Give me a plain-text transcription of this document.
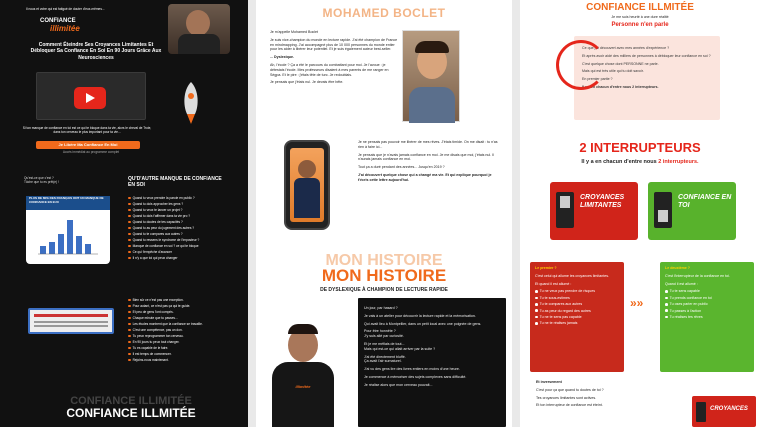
Il nous et votre qui est fatigué de douter d'eux-mêmes...
CONFIANCE
illimitée
Comment Éteindre Ses Croyances Limitantes Et Débloquer Sa Confiance En Soi En 90 Jours Grâce Aux Neurosciences
Si ton manque de confiance en toi est ce qui te bloque dans ta vie, alors le cheval de Troie, dans ton cerveau le plus important pour ta vie...
Je Libère Ma Confiance En Moi
Accès immédiat au programme complet
Qu'est-ce que c'est ?
Tâche que tu es prêt(e) !
QU'D'AUTRE MANQUE DE CONFIANCE EN SOI
PLUS DE 80% DES FRANÇAIS ONT UN MANQUE DE CONFIANCE EN EUX
Quand tu veux prendre la parole en public ?
Quand tu dois approcher les gens ?
Quand tu veux te lancer un projet ?
Quand tu dois t'affirmer dans ta vie pro ?
Quand tu doutes de tes capacités ?
Quand tu as peur du jugement des autres ?
Quand tu te compares aux autres ?
Quand tu ressens le syndrome de l'imposteur ?
Manque de confiance en soi ? ce qui te bloque
Ce qui t'empêche d'avancer
Il n'y a que toi qui peux changer
Bien sûr ce n'est pas une exception.
Pour autant, ce n'est pas ça qui te guide.
Et peu de gens l'ont compris.
Chaque minute que tu passes...
Les études montrent que la confiance se travaille.
C'est une compétence, pas un don.
Tu peux reprogrammer ton cerveau.
En 90 jours tu peux tout changer.
Tu es capable de le faire.
Il est temps de commencer.
Rejoins-nous maintenant.
CONFIANCE ILLIMITÉE
CONFIANCE ILLMITÉE
MOHAMED BOCLET
Je m'appelle Mohamed Boclet
Je suis vice-champion du monde en lecture rapide. J'ai été champion de France en mindmapping. J'ai accompagné plus de 10 000 personnes du monde entier pour les aider à libérer leur potentiel. Et je suis également auteur best-seller.
... Dyslexique.
Ah, l'école ? Ça a été le parcours du combattant pour moi. Je l'avoue : je détestais l'école. Mes professeurs disaient à mes parents de me ranger en Ségpa. Et le pire : j'étais tête de turc. Je redoublais.
Je pensais que j'étais nul. Je devais être bête.
Je ne pensais pas pouvoir me libérer de mes rêves. J'étais timide. On me disait : tu n'as rien à faire ici...
Je pensais que je n'avais jamais confiance en moi. Je me disais que moi, j'étais nul. Il n'aurais jamais confiance en moi.
Tout ça a duré pendant des années... Jusqu'en 2019 ?
J'ai découvert quelque chose qui a changé ma vie. Et qui explique pourquoi je t'écris cette lettre aujourd'hui.
MON HISTOIRE
MON HISTOIRE
DE DYSLEXIQUE À CHAMPION DE LECTURE RAPIDE
illimitée
Un jour, par hasard ?
Je vais à un atelier pour découvrir la lecture rapide et la mémorisation.
Qui avait lieu à Montpellier, dans un petit local avec une poignée de gens.
Pour être honnête ?
J'y suis allé par curiosité.
Et je me méfiais de tout...
Mais qui est-ce qui allait arriver par la suite ?
J'ai été directement bluffé.
Ça avait l'air surnaturel.
J'ai vu des gens lire des livres entiers en moins d'une heure.
Je commence à mémoriser des sujets complexes sans difficulté.
Je réalise alors que mon cerveau pouvait...
CONFIANCE ILLMITÉE
Je me suis heurté à une dure réalité
Personne n'en parle
Ce que j'ai découvert avec mes années d'expérience ?
Et après avoir aidé des milliers de personnes à débloquer leur confiance en soi ?
C'est quelque chose dont PERSONNE ne parle.
Mais qui est très utile qui tu doit savoir.
En premier partie ?
Il y a en chacun d'entre nous 2 interrupteurs.
2 INTERRUPTEURS
Il y a en chacun d'entre nous 2 interrupteurs.
CROYANCES LIMITANTES
CONFIANCE EN TOI
Le premier ?
C'est celui qui allume les croyances limitantes.
Et quand il est allumé :
Tu ne veux pas prendre de risques
Tu te sous-estimes
Tu te compares aux autres
Tu as peur du regard des autres
Tu ne te sens pas capable
Tu ne te réalises jamais
»»
Le deuxième ?
C'est l'interrupteur de la confiance en toi.
Quand il est allumé :
Tu te sens capable
Tu prends confiance en toi
Tu oses parler en public
Tu passes à l'action
Tu réalises tes rêves
Et inversement
C'est pour ça que quand tu doutes de toi ?
Tes croyances limitantes sont actives.
Et ton interrupteur de confiance est éteint.
CROYANCES
